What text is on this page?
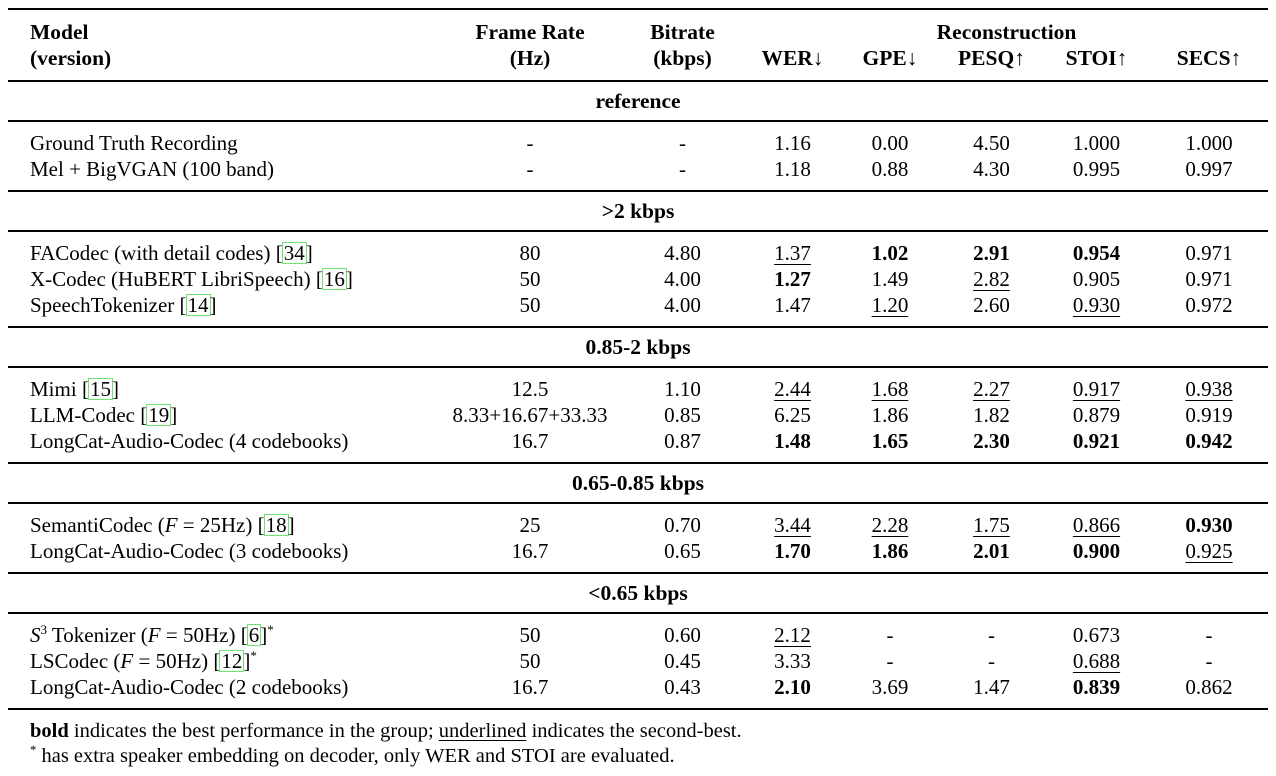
Model	Frame Rate	Bitrate	Reconstruction				
(version)	(Hz)	(kbps)	WER↓	GPE↓	PESQ↑	STOI↑	SECS↑
reference							
Ground Truth Recording	-	-	1.16	0.00	4.50	1.000	1.000
Mel + BigVGAN (100 band)	-	-	1.18	0.88	4.30	0.995	0.997
>2 kbps							
FACodec (with detail codes) [34]	80	4.80	1.37	1.02	2.91	0.954	0.971
X-Codec (HuBERT LibriSpeech) [16]	50	4.00	1.27	1.49	2.82	0.905	0.971
SpeechTokenizer [14]	50	4.00	1.47	1.20	2.60	0.930	0.972
0.85-2 kbps							
Mimi [15]	12.5	1.10	2.44	1.68	2.27	0.917	0.938
LLM-Codec [19]	8.33+16.67+33.33	0.85	6.25	1.86	1.82	0.879	0.919
LongCat-Audio-Codec (4 codebooks)	16.7	0.87	1.48	1.65	2.30	0.921	0.942
0.65-0.85 kbps							
SemantiCodec (F = 25Hz) [18]	25	0.70	3.44	2.28	1.75	0.866	0.930
LongCat-Audio-Codec (3 codebooks)	16.7	0.65	1.70	1.86	2.01	0.900	0.925
<0.65 kbps							
$S^3$ Tokenizer (F = 50Hz) [6]*	50	0.60	2.12	-	-	0.673	-
LSCodec (F = 50Hz) [12]*	50	0.45	3.33	-	-	0.688	-
LongCat-Audio-Codec (2 codebooks)	16.7	0.43	2.10	3.69	1.47	0.839	0.862
bold indicates the best performance in the group; underlined indicates the second-best.
* has extra speaker embedding on decoder, only WER and STOI are evaluated.
